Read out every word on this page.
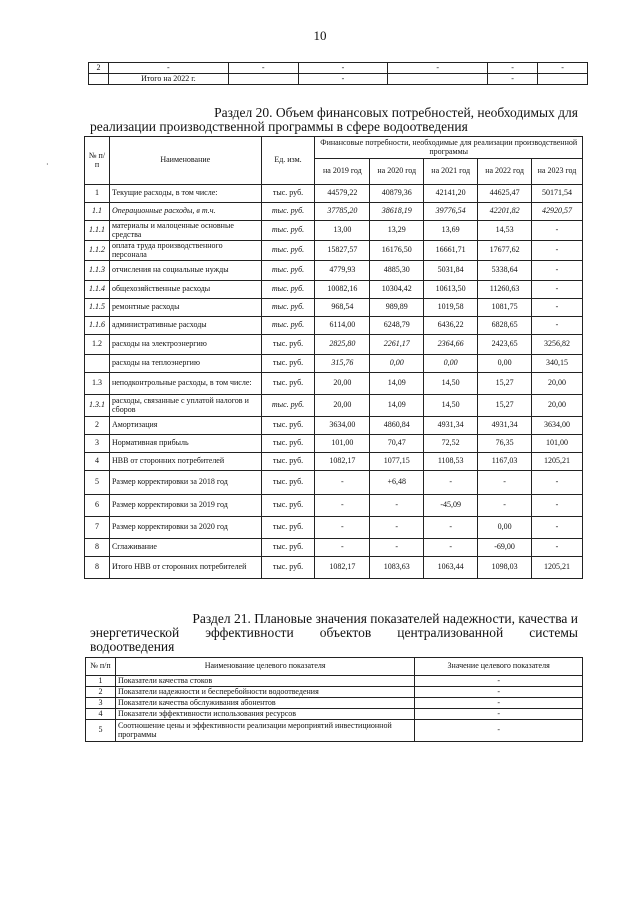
10
2	-	-	-	-	-	-
	Итого на 2022 г.		-		-	
Раздел 20. Объем финансовых потребностей, необходимых для
реализации производственной программы в сфере водоотведения
·
№ п/п	Наименование	Ед. изм.	Финансовые потребности, необходимые для реализации производственной программы				
			на 2019 год	на 2020 год	на 2021 год	на 2022 год	на 2023 год
1	Текущие расходы, в том числе:	тыс. руб.	44579,22	40879,36	42141,20	44625,47	50171,54
1.1	Операционные расходы, в т.ч.	тыс. руб.	37785,20	38618,19	39776,54	42201,82	42920,57
1.1.1	материалы и малоценные основные средства	тыс. руб.	13,00	13,29	13,69	14,53	-
1.1.2	оплата труда производственного персонала	тыс. руб.	15827,57	16176,50	16661,71	17677,62	-
1.1.3	отчисления на социальные нужды	тыс. руб.	4779,93	4885,30	5031,84	5338,64	-
1.1.4	общехозяйственные расходы	тыс. руб.	10082,16	10304,42	10613,50	11260,63	-
1.1.5	ремонтные расходы	тыс. руб.	968,54	989,89	1019,58	1081,75	-
1.1.6	административные расходы	тыс. руб.	6114,00	6248,79	6436,22	6828,65	-
1.2	расходы на электроэнергию	тыс. руб.	2825,80	2261,17	2364,66	2423,65	3256,82
	расходы на теплоэнергию	тыс. руб.	315,76	0,00	0,00	0,00	340,15
1.3	неподконтрольные расходы, в том числе:	тыс. руб.	20,00	14,09	14,50	15,27	20,00
1.3.1	расходы, связанные с уплатой налогов и сборов	тыс. руб.	20,00	14,09	14,50	15,27	20,00
2	Амортизация	тыс. руб.	3634,00	4860,84	4931,34	4931,34	3634,00
3	Нормативная прибыль	тыс. руб.	101,00	70,47	72,52	76,35	101,00
4	НВВ от сторонних потребителей	тыс. руб.	1082,17	1077,15	1108,53	1167,03	1205,21
5	Размер корректировки за 2018 год	тыс. руб.	-	+6,48	-	-	-
6	Размер корректировки за 2019 год	тыс. руб.	-	-	-45,09	-	-
7	Размер корректировки за 2020 год	тыс. руб.	-	-	-	0,00	-
8	Сглаживание	тыс. руб.	-	-	-	-69,00	-
8	Итого НВВ от сторонних потребителей	тыс. руб.	1082,17	1083,63	1063,44	1098,03	1205,21
Раздел 21. Плановые значения показателей надежности, качества и
энергетической эффективности объектов централизованной системы
водоотведения
№ п/п	Наименование целевого показателя	Значение целевого показателя
1	Показатели качества стоков	-
2	Показатели надежности и бесперебойности водоотведения	-
3	Показатели качества обслуживания абонентов	-
4	Показатели эффективности использования ресурсов	-
5	Соотношение цены и эффективности реализации мероприятий инвестиционной программы	-
